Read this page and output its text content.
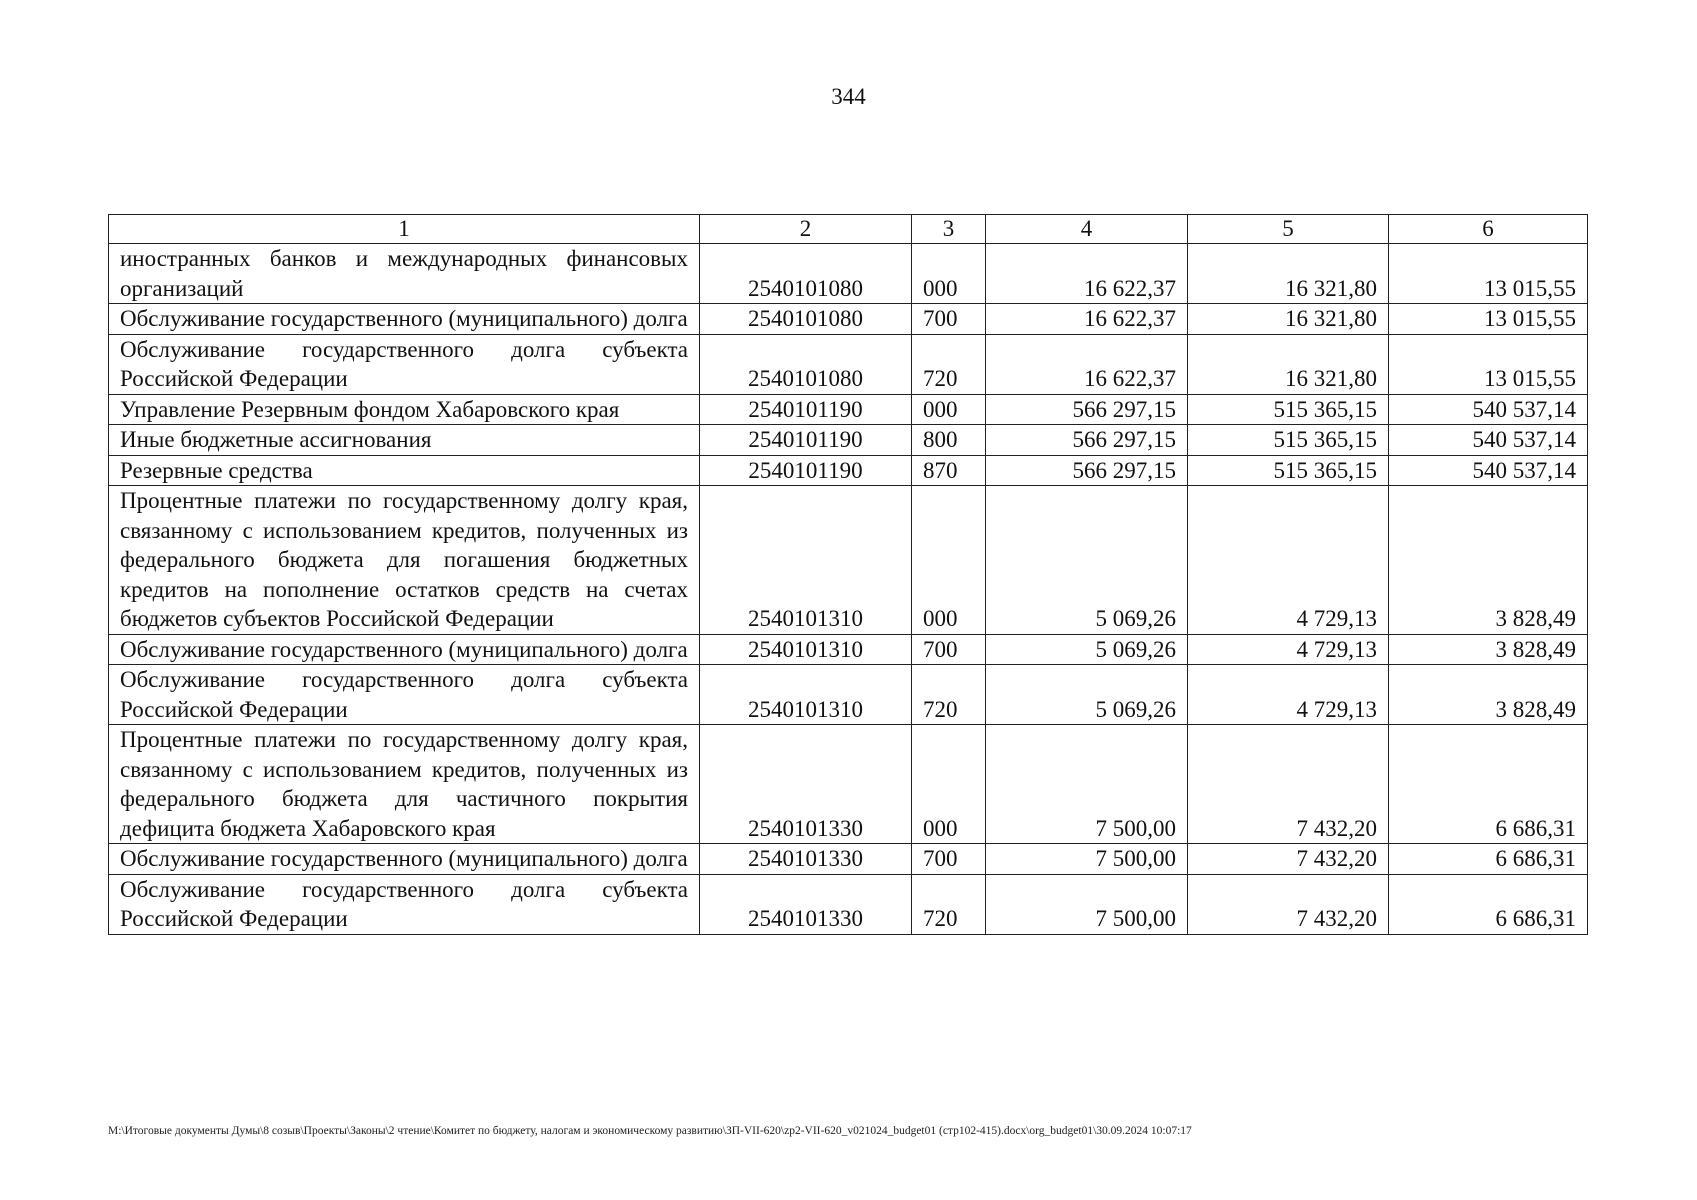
344
1	2	3	4	5	6
иностранных банков и международных финансовых организаций	2540101080	000	16 622,37	16 321,80	13 015,55
Обслуживание государственного (муниципального) долга	2540101080	700	16 622,37	16 321,80	13 015,55
Обслуживание государственного долга субъекта Российской Федерации	2540101080	720	16 622,37	16 321,80	13 015,55
Управление Резервным фондом Хабаровского края	2540101190	000	566 297,15	515 365,15	540 537,14
Иные бюджетные ассигнования	2540101190	800	566 297,15	515 365,15	540 537,14
Резервные средства	2540101190	870	566 297,15	515 365,15	540 537,14
Процентные платежи по государственному долгу края, связанному с использованием кредитов, полученных из федерального бюджета для погашения бюджетных кредитов на пополнение остатков средств на счетах бюджетов субъектов Российской Федерации	2540101310	000	5 069,26	4 729,13	3 828,49
Обслуживание государственного (муниципального) долга	2540101310	700	5 069,26	4 729,13	3 828,49
Обслуживание государственного долга субъекта Российской Федерации	2540101310	720	5 069,26	4 729,13	3 828,49
Процентные платежи по государственному долгу края, связанному с использованием кредитов, полученных из федерального бюджета для частичного покрытия дефицита бюджета Хабаровского края	2540101330	000	7 500,00	7 432,20	6 686,31
Обслуживание государственного (муниципального) долга	2540101330	700	7 500,00	7 432,20	6 686,31
Обслуживание государственного долга субъекта Российской Федерации	2540101330	720	7 500,00	7 432,20	6 686,31
М:\Итоговые документы Думы\8 созыв\Проекты\Законы\2 чтение\Комитет по бюджету, налогам и экономическому развитию\ЗП-VII-620\zp2-VII-620_v021024_budget01 (стр102-415).docx\org_budget01\30.09.2024 10:07:17
